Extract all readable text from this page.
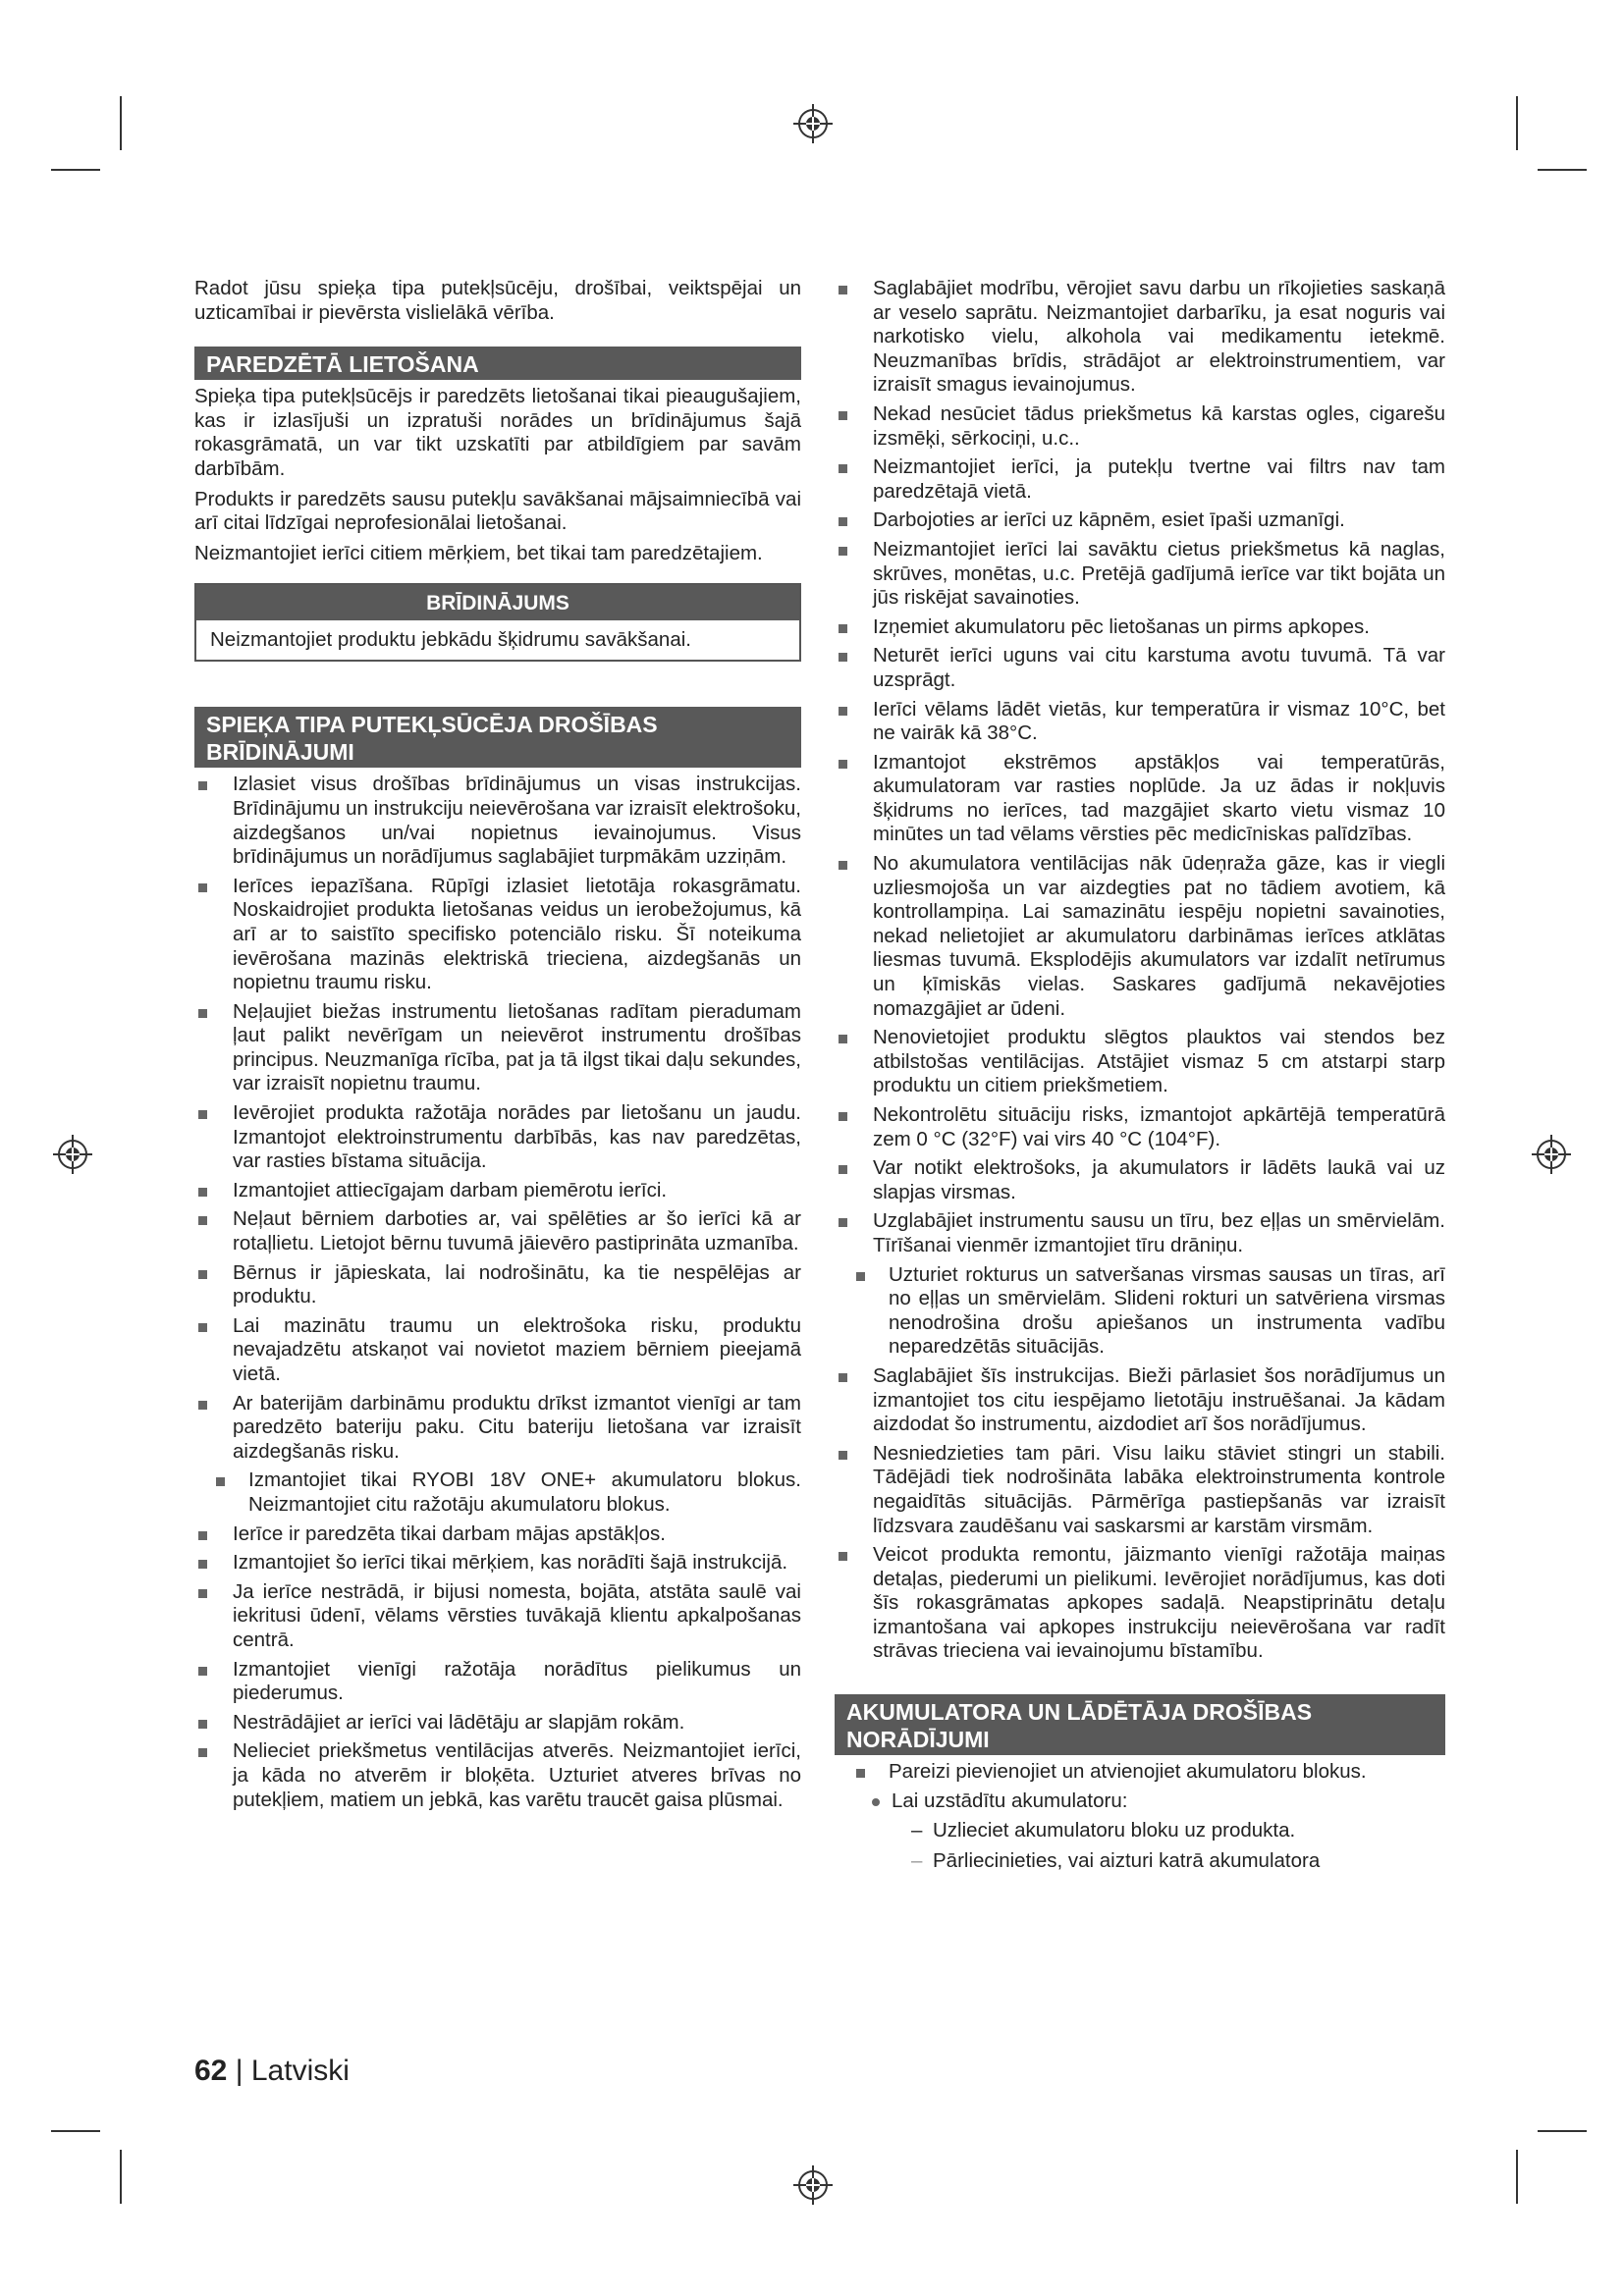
Radot jūsu spieķa tipa putekļsūcēju, drošībai, veiktspējai un uzticamībai ir pievērsta vislielākā vērība.

PAREDZĒTĀ LIETOŠANA

Spieķa tipa putekļsūcējs ir paredzēts lietošanai tikai pieaugušajiem, kas ir izlasījuši un izpratuši norādes un brīdinājumus šajā rokasgrāmatā, un var tikt uzskatīti par atbildīgiem par savām darbībām.

Produkts ir paredzēts sausu putekļu savākšanai mājsaimniecībā vai arī citai līdzīgai neprofesionālai lietošanai.

Neizmantojiet ierīci citiem mērķiem, bet tikai tam paredzētajiem.

BRĪDINĀJUMS
Neizmantojiet produktu jebkādu šķidrumu savākšanai.
SPIEĶA TIPA PUTEKĻSŪCĒJA DROŠĪBAS BRĪDINĀJUMI
Izlasiet visus drošības brīdinājumus un visas instrukcijas. Brīdinājumu un instrukciju neievērošana var izraisīt elektrošoku, aizdegšanos un/vai nopietnus ievainojumus. Visus brīdinājumus un norādījumus saglabājiet turpmākām uzziņām.
Ierīces iepazīšana. Rūpīgi izlasiet lietotāja rokasgrāmatu. Noskaidrojiet produkta lietošanas veidus un ierobežojumus, kā arī ar to saistīto specifisko potenciālo risku. Šī noteikuma ievērošana mazinās elektriskā trieciena, aizdegšanās un nopietnu traumu risku.
Neļaujiet biežas instrumentu lietošanas radītam pieradumam ļaut palikt nevērīgam un neievērot instrumentu drošības principus. Neuzmanīga rīcība, pat ja tā ilgst tikai daļu sekundes, var izraisīt nopietnu traumu.
Ievērojiet produkta ražotāja norādes par lietošanu un jaudu. Izmantojot elektroinstrumentu darbībās, kas nav paredzētas, var rasties bīstama situācija.
Izmantojiet attiecīgajam darbam piemērotu ierīci.
Neļaut bērniem darboties ar, vai spēlēties ar šo ierīci kā ar rotaļlietu. Lietojot bērnu tuvumā jāievēro pastiprināta uzmanība.
Bērnus ir jāpieskata, lai nodrošinātu, ka tie nespēlējas ar produktu.
Lai mazinātu traumu un elektrošoka risku, produktu nevajadzētu atskaņot vai novietot maziem bērniem pieejamā vietā.
Ar baterijām darbināmu produktu drīkst izmantot vienīgi ar tam paredzēto bateriju paku. Citu bateriju lietošana var izraisīt aizdegšanās risku.
Izmantojiet tikai RYOBI 18V ONE+ akumulatoru blokus. Neizmantojiet citu ražotāju akumulatoru blokus.
Ierīce ir paredzēta tikai darbam mājas apstākļos.
Izmantojiet šo ierīci tikai mērķiem, kas norādīti šajā instrukcijā.
Ja ierīce nestrādā, ir bijusi nomesta, bojāta, atstāta saulē vai iekritusi ūdenī, vēlams vērsties tuvākajā klientu apkalpošanas centrā.
Izmantojiet vienīgi ražotāja norādītus pielikumus un piederumus.
Nestrādājiet ar ierīci vai lādētāju ar slapjām rokām.
Nelieciet priekšmetus ventilācijas atverēs. Neizmantojiet ierīci, ja kāda no atverēm ir bloķēta. Uzturiet atveres brīvas no putekļiem, matiem un jebkā, kas varētu traucēt gaisa plūsmai.
Saglabājiet modrību, vērojiet savu darbu un rīkojieties saskaņā ar veselo saprātu. Neizmantojiet darbarīku, ja esat noguris vai narkotisko vielu, alkohola vai medikamentu ietekmē. Neuzmanības brīdis, strādājot ar elektroinstrumentiem, var izraisīt smagus ievainojumus.
Nekad nesūciet tādus priekšmetus kā karstas ogles, cigarešu izsmēķi, sērkociņi, u.c..
Neizmantojiet ierīci, ja putekļu tvertne vai filtrs nav tam paredzētajā vietā.
Darbojoties ar ierīci uz kāpnēm, esiet īpaši uzmanīgi.
Neizmantojiet ierīci lai savāktu cietus priekšmetus kā naglas, skrūves, monētas, u.c. Pretējā gadījumā ierīce var tikt bojāta un jūs riskējat savainoties.
Izņemiet akumulatoru pēc lietošanas un pirms apkopes.
Neturēt ierīci uguns vai citu karstuma avotu tuvumā. Tā var uzsprāgt.
Ierīci vēlams lādēt vietās, kur temperatūra ir vismaz 10°C, bet ne vairāk kā 38°C.
Izmantojot ekstrēmos apstākļos vai temperatūrās, akumulatoram var rasties noplūde. Ja uz ādas ir nokļuvis šķidrums no ierīces, tad mazgājiet skarto vietu vismaz 10 minūtes un tad vēlams vērsties pēc medicīniskas palīdzības.
No akumulatora ventilācijas nāk ūdeņraža gāze, kas ir viegli uzliesmojoša un var aizdegties pat no tādiem avotiem, kā kontrollampiņa. Lai samazinātu iespēju nopietni savainoties, nekad nelietojiet ar akumulatoru darbināmas ierīces atklātas liesmas tuvumā. Eksplodējis akumulators var izdalīt netīrumus un ķīmiskās vielas. Saskares gadījumā nekavējoties nomazgājiet ar ūdeni.
Nenovietojiet produktu slēgtos plauktos vai stendos bez atbilstošas ventilācijas. Atstājiet vismaz 5 cm atstarpi starp produktu un citiem priekšmetiem.
Nekontrolētu situāciju risks, izmantojot apkārtējā temperatūrā zem 0 °C (32°F) vai virs 40 °C (104°F).
Var notikt elektrošoks, ja akumulators ir lādēts laukā vai uz slapjas virsmas.
Uzglabājiet instrumentu sausu un tīru, bez eļļas un smērvielām. Tīrīšanai vienmēr izmantojiet tīru drāniņu.
Uzturiet rokturus un satveršanas virsmas sausas un tīras, arī no eļļas un smērvielām. Slideni rokturi un satvēriena virsmas nenodrošina drošu apiešanos un instrumenta vadību neparedzētās situācijās.
Saglabājiet šīs instrukcijas. Bieži pārlasiet šos norādījumus un izmantojiet tos citu iespējamo lietotāju instruēšanai. Ja kādam aizdodat šo instrumentu, aizdodiet arī šos norādījumus.
Nesniedzieties tam pāri. Visu laiku stāviet stingri un stabili. Tādējādi tiek nodrošināta labāka elektroinstrumenta kontrole negaidītās situācijās. Pārmērīga pastiepšanās var izraisīt līdzsvara zaudēšanu vai saskarsmi ar karstām virsmām.
Veicot produkta remontu, jāizmanto vienīgi ražotāja maiņas detaļas, piederumi un pielikumi. Ievērojiet norādījumus, kas doti šīs rokasgrāmatas apkopes sadaļā. Neapstiprinātu detaļu izmantošana vai apkopes instrukciju neievērošana var radīt strāvas trieciena vai ievainojumu bīstamību.
AKUMULATORA UN LĀDĒTĀJA DROŠĪBAS NORĀDĪJUMI
Pareizi pievienojiet un atvienojiet akumulatoru blokus.
Lai uzstādītu akumulatoru:
– Uzlieciet akumulatoru bloku uz produkta.
– Pārliecinieties, vai aizturi katrā akumulatora
62 | Latviski
